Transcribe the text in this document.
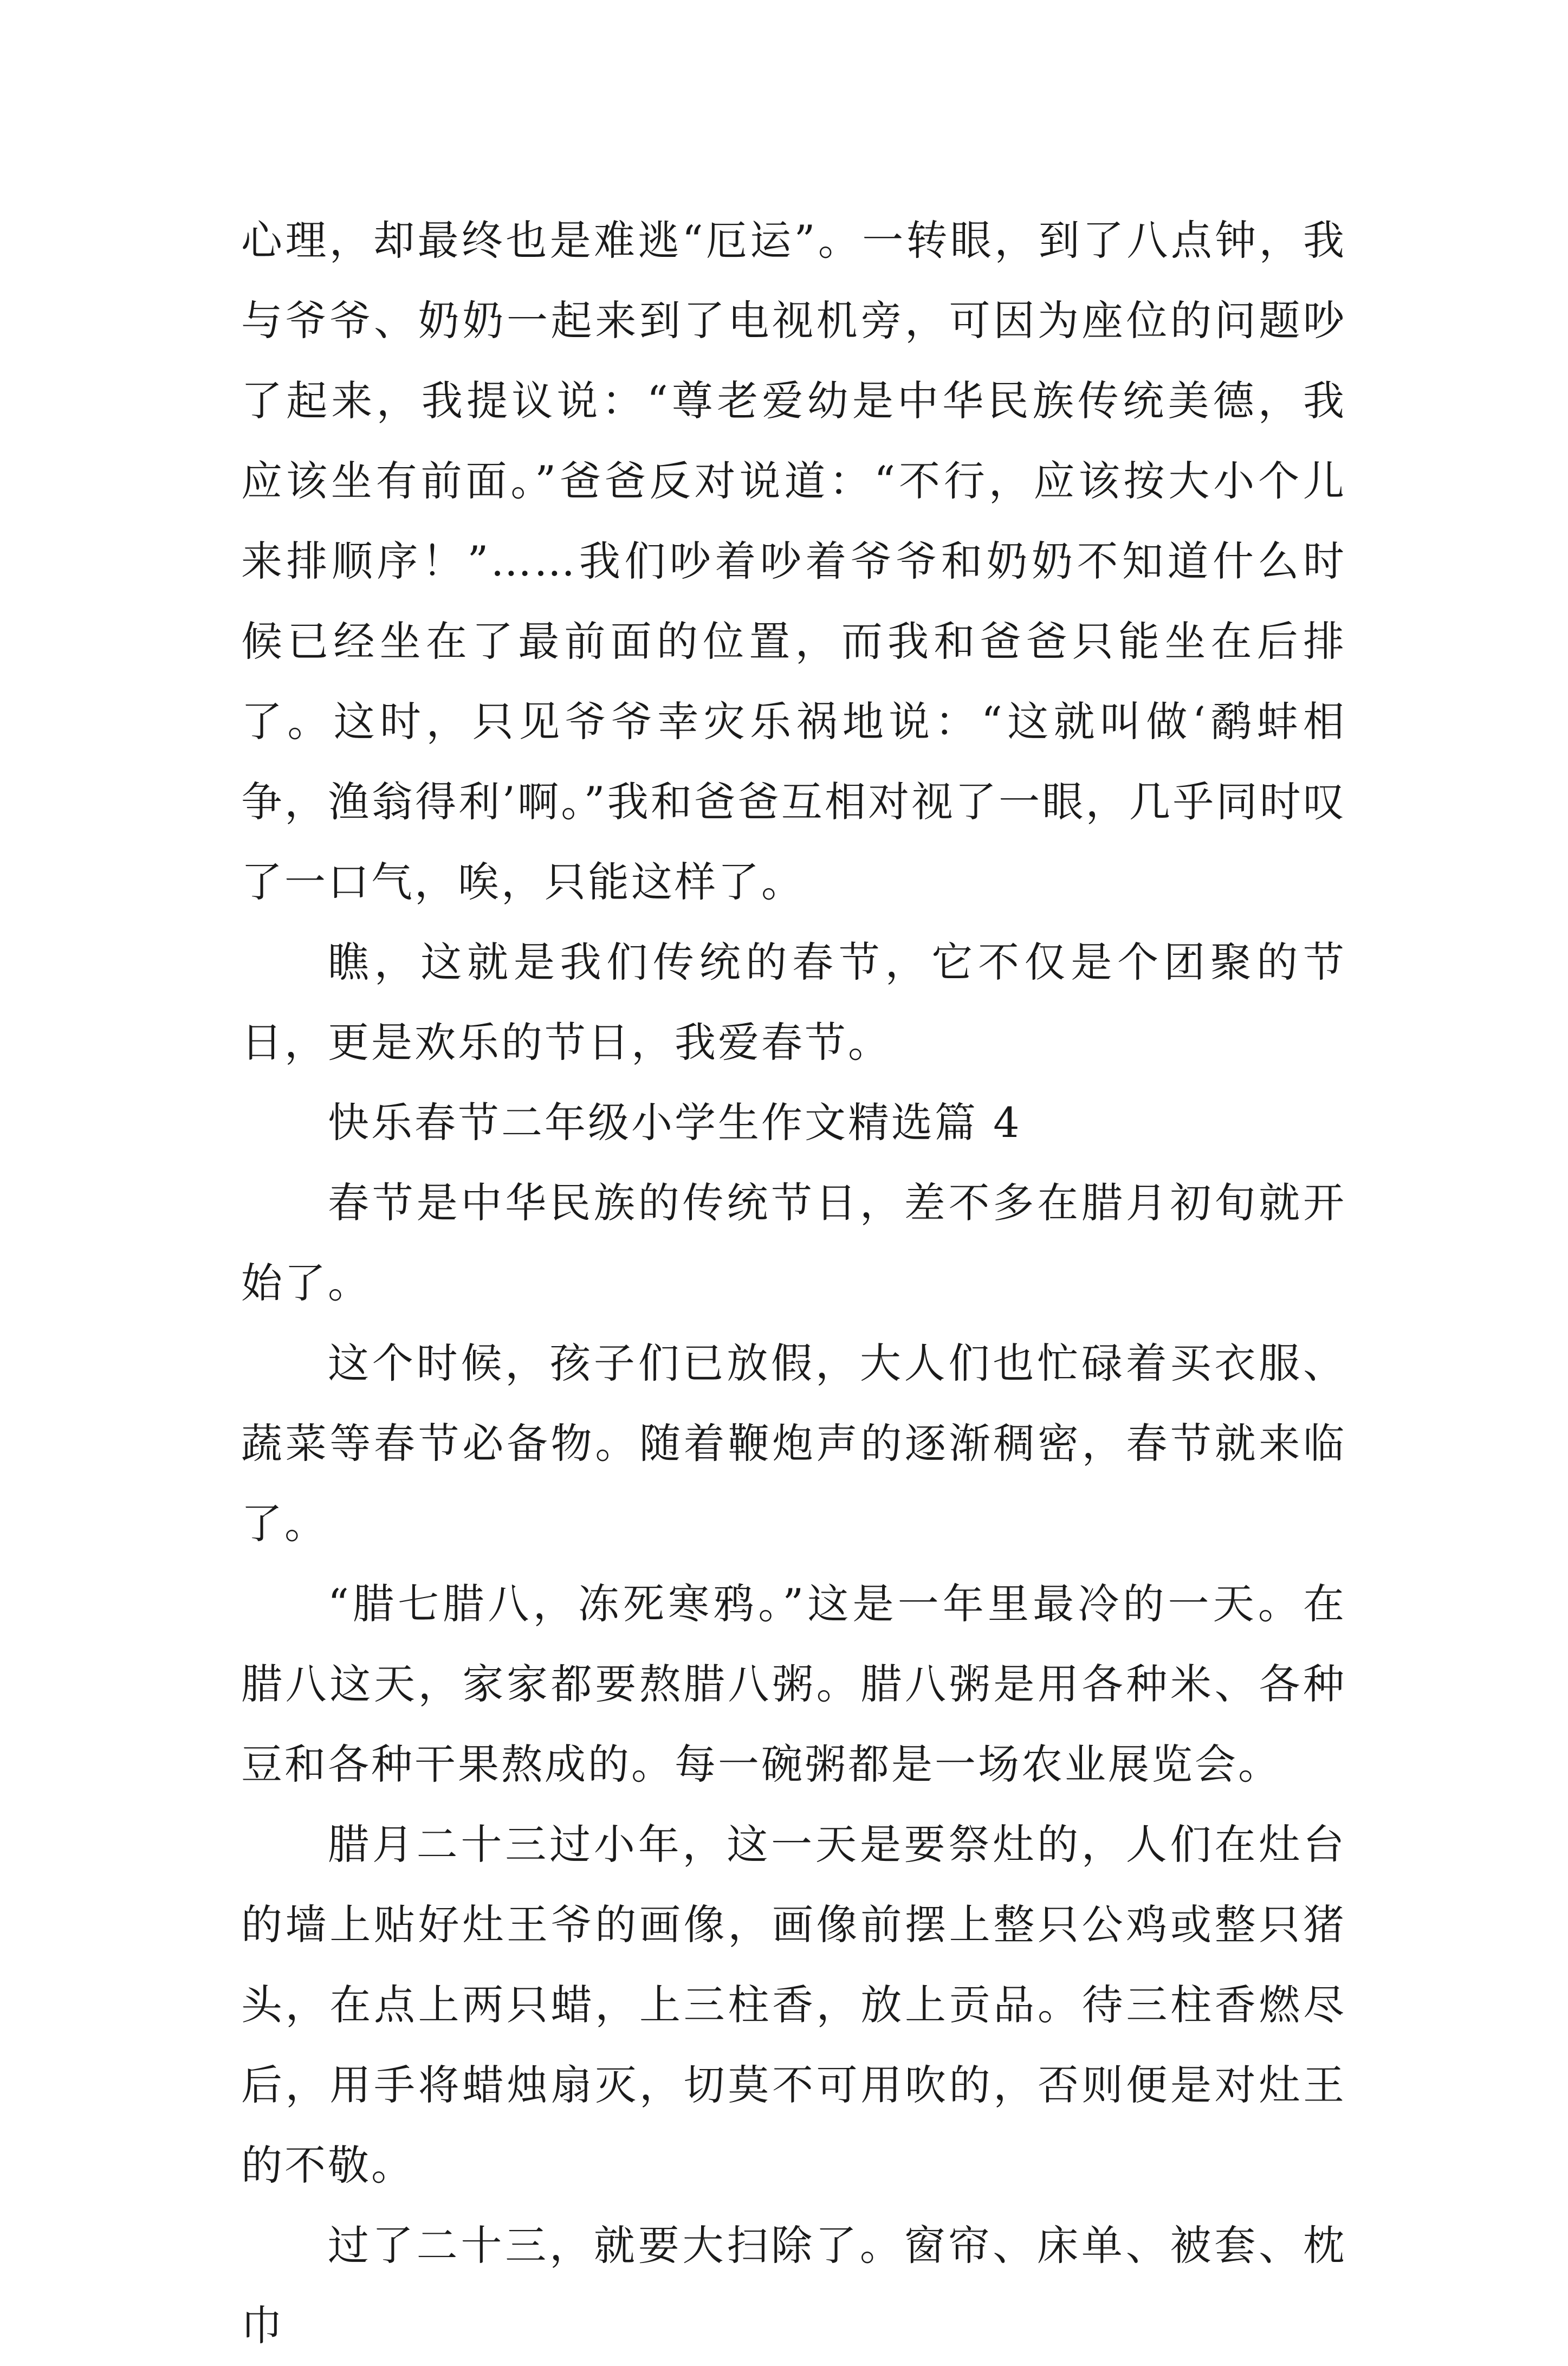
心理，却最终也是难逃“厄运”。一转眼，到了八点钟，我与爷爷、奶奶一起来到了电视机旁，可因为座位的问题吵了起来，我提议说：“尊老爱幼是中华民族传统美德，我应该坐有前面。”爸爸反对说道：“不行，应该按大小个儿来排顺序！”……我们吵着吵着爷爷和奶奶不知道什么时候已经坐在了最前面的位置，而我和爸爸只能坐在后排了。这时，只见爷爷幸灾乐祸地说：“这就叫做‘鹬蚌相争，渔翁得利’啊。”我和爸爸互相对视了一眼，几乎同时叹了一口气，唉，只能这样了。

瞧，这就是我们传统的春节，它不仅是个团聚的节日，更是欢乐的节日，我爱春节。

快乐春节二年级小学生作文精选篇 4

春节是中华民族的传统节日，差不多在腊月初旬就开始了。

这个时候，孩子们已放假，大人们也忙碌着买衣服、蔬菜等春节必备物。随着鞭炮声的逐渐稠密，春节就来临了。

“腊七腊八，冻死寒鸦。”这是一年里最冷的一天。在腊八这天，家家都要熬腊八粥。腊八粥是用各种米、各种豆和各种干果熬成的。每一碗粥都是一场农业展览会。

腊月二十三过小年，这一天是要祭灶的，人们在灶台的墙上贴好灶王爷的画像，画像前摆上整只公鸡或整只猪头，在点上两只蜡，上三柱香，放上贡品。待三柱香燃尽后，用手将蜡烛扇灭，切莫不可用吹的，否则便是对灶王的不敬。

过了二十三，就要大扫除了。窗帘、床单、被套、枕巾
